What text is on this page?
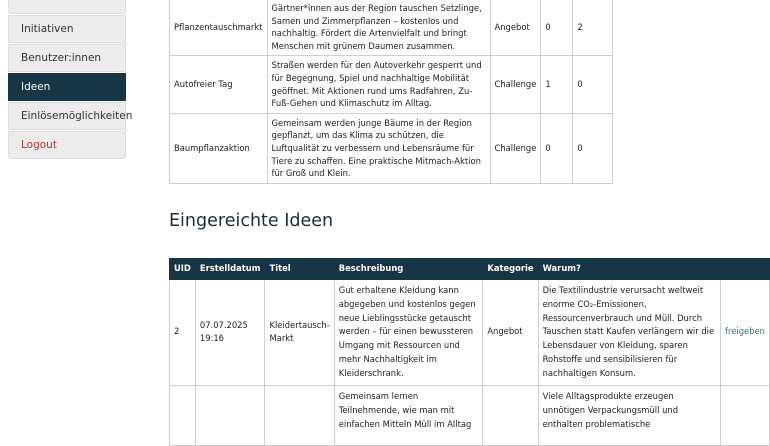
Initiativen
Benutzer:innen
Ideen
Einlösemöglichkeiten
Logout
Pflanzentauschmarkt	Gärtner*innen aus der Region tauschen Setzlinge, Samen und Zimmerpflanzen – kostenlos und nachhaltig. Fördert die Artenvielfalt und bringt Menschen mit grünem Daumen zusammen.	Angebot	0	2
Autofreier Tag	Straßen werden für den Autoverkehr gesperrt und für Begegnung, Spiel und nachhaltige Mobilität geöffnet. Mit Aktionen rund ums Radfahren, Zu-Fuß-Gehen und Klimaschutz im Alltag.	Challenge	1	0
Baumpflanzaktion	Gemeinsam werden junge Bäume in der Region gepflanzt, um das Klima zu schützen, die Luftqualität zu verbessern und Lebensräume für Tiere zu schaffen. Eine praktische Mitmach-Aktion für Groß und Klein.	Challenge	0	0
Eingereichte Ideen
UID	Erstelldatum	Titel	Beschreibung	Kategorie	Warum?	
2	07.07.2025 19:16	Kleidertausch-Markt	Gut erhaltene Kleidung kann abgegeben und kostenlos gegen neue Lieblingsstücke getauscht werden – für einen bewussteren Umgang mit Ressourcen und mehr Nachhaltigkeit im Kleiderschrank.	Angebot	Die Textilindustrie verursacht weltweit enorme CO₂-Emissionen, Ressourcenverbrauch und Müll. Durch Tauschen statt Kaufen verlängern wir die Lebensdauer von Kleidung, sparen Rohstoffe und sensibilisieren für nachhaltigen Konsum.	freigeben
			Gemeinsam lernen Teilnehmende, wie man mit einfachen Mitteln Müll im Alltag		Viele Alltagsprodukte erzeugen unnötigen Verpackungsmüll und enthalten problematische	
